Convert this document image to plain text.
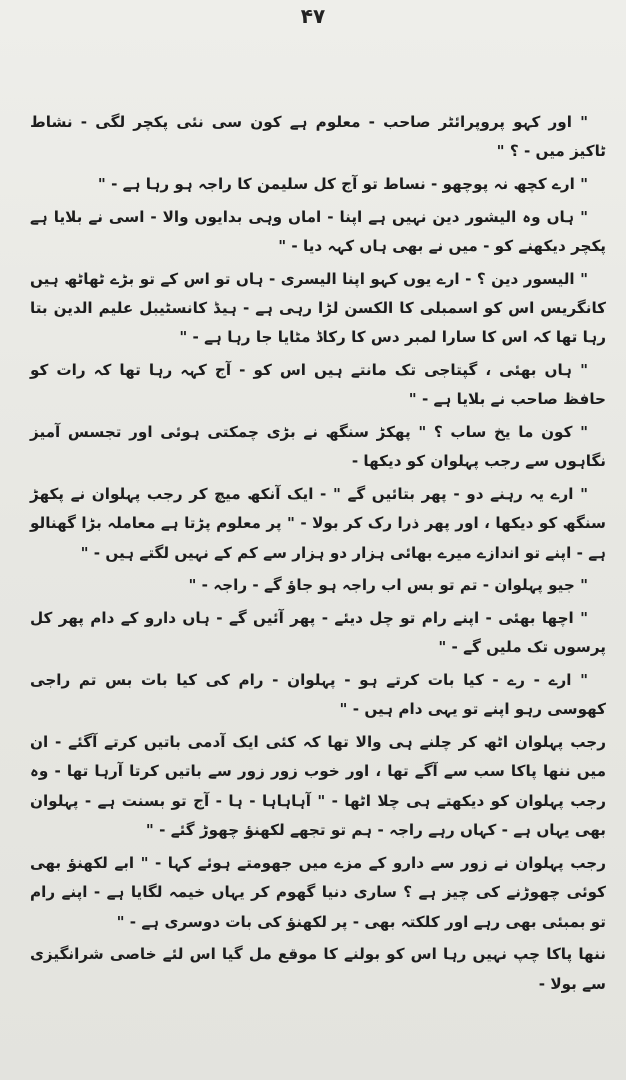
۴۷

" اور کہو پروپرائٹر صاحب - معلوم ہے کون سی نئی پکچر لگی - نشاط ٹاکیز میں - ؟ "

" ارے کچھ نہ پوچھو - نساط تو آج کل سلیمن کا راجہ ہو رہا ہے - "

" ہاں وہ الیشور دین نہیں ہے اپنا - اماں وہی بدایوں والا - اسی نے بلایا ہے پکچر دیکھنے کو - میں نے بھی ہاں کہہ دیا - "

" الیسور دین ؟ - ارے یوں کہو اپنا الیسری - ہاں تو اس کے تو بڑے ٹھاٹھ ہیں کانگریس اس کو اسمبلی کا الکسن لڑا رہی ہے - ہیڈ کانسٹیبل علیم الدین بتا رہا تھا کہ اس کا سارا لمبر دس کا رکاڈ مٹایا جا رہا ہے - "

" ہاں بھئی ، گپتاجی تک مانتے ہیں اس کو - آج کہہ رہا تھا کہ رات کو حافظ صاحب نے بلایا ہے - "

" کون ما یخ ساب ؟ " پھکڑ سنگھ نے بڑی چمکتی ہوئی اور تجسس آمیز نگاہوں سے رجب پہلوان کو دیکھا -

" ارے یہ رہنے دو - پھر بتائیں گے " - ایک آنکھ میچ کر رجب پہلوان نے پکھڑ سنگھ کو دیکھا ، اور پھر ذرا رک کر بولا - " پر معلوم پڑتا ہے معاملہ بڑا گھنالو ہے - اپنے تو اندازے میرے بھائی ہزار دو ہزار سے کم کے نہیں لگتے ہیں - "

" جیو پہلوان - تم تو بس اب راجہ ہو جاؤ گے - راجہ - "

" اچھا بھئی - اپنے رام تو چل دیئے - پھر آئیں گے - ہاں دارو کے دام پھر کل پرسوں تک ملیں گے - "

" ارے - رے - کیا بات کرتے ہو - پہلوان - رام کی کیا بات بس تم راجی کھوسی رہو اپنے تو یہی دام ہیں - "

رجب پہلوان اٹھ کر چلنے ہی والا تھا کہ کئی ایک آدمی باتیں کرتے آگئے - ان میں ننھا پاکا سب سے آگے تھا ، اور خوب زور زور سے باتیں کرتا آرہا تھا - وہ رجب پہلوان کو دیکھتے ہی چلا اٹھا - " آہاہاہا - ہا - آج تو بسنت ہے - پہلوان بھی یہاں ہے - کہاں رہے راجہ - ہم تو تجھے لکھنؤ چھوڑ گئے - "

رجب پہلوان نے زور سے دارو کے مزے میں جھومتے ہوئے کہا - " ابے لکھنؤ بھی کوئی چھوڑنے کی چیز ہے ؟ ساری دنیا گھوم کر یہاں خیمہ لگایا ہے - اپنے رام تو بمبئی بھی رہے اور کلکتہ بھی - پر لکھنؤ کی بات دوسری ہے - "

ننھا پاکا چپ نہیں رہا اس کو بولنے کا موقع مل گیا اس لئے خاصی شرانگیزی سے بولا -
